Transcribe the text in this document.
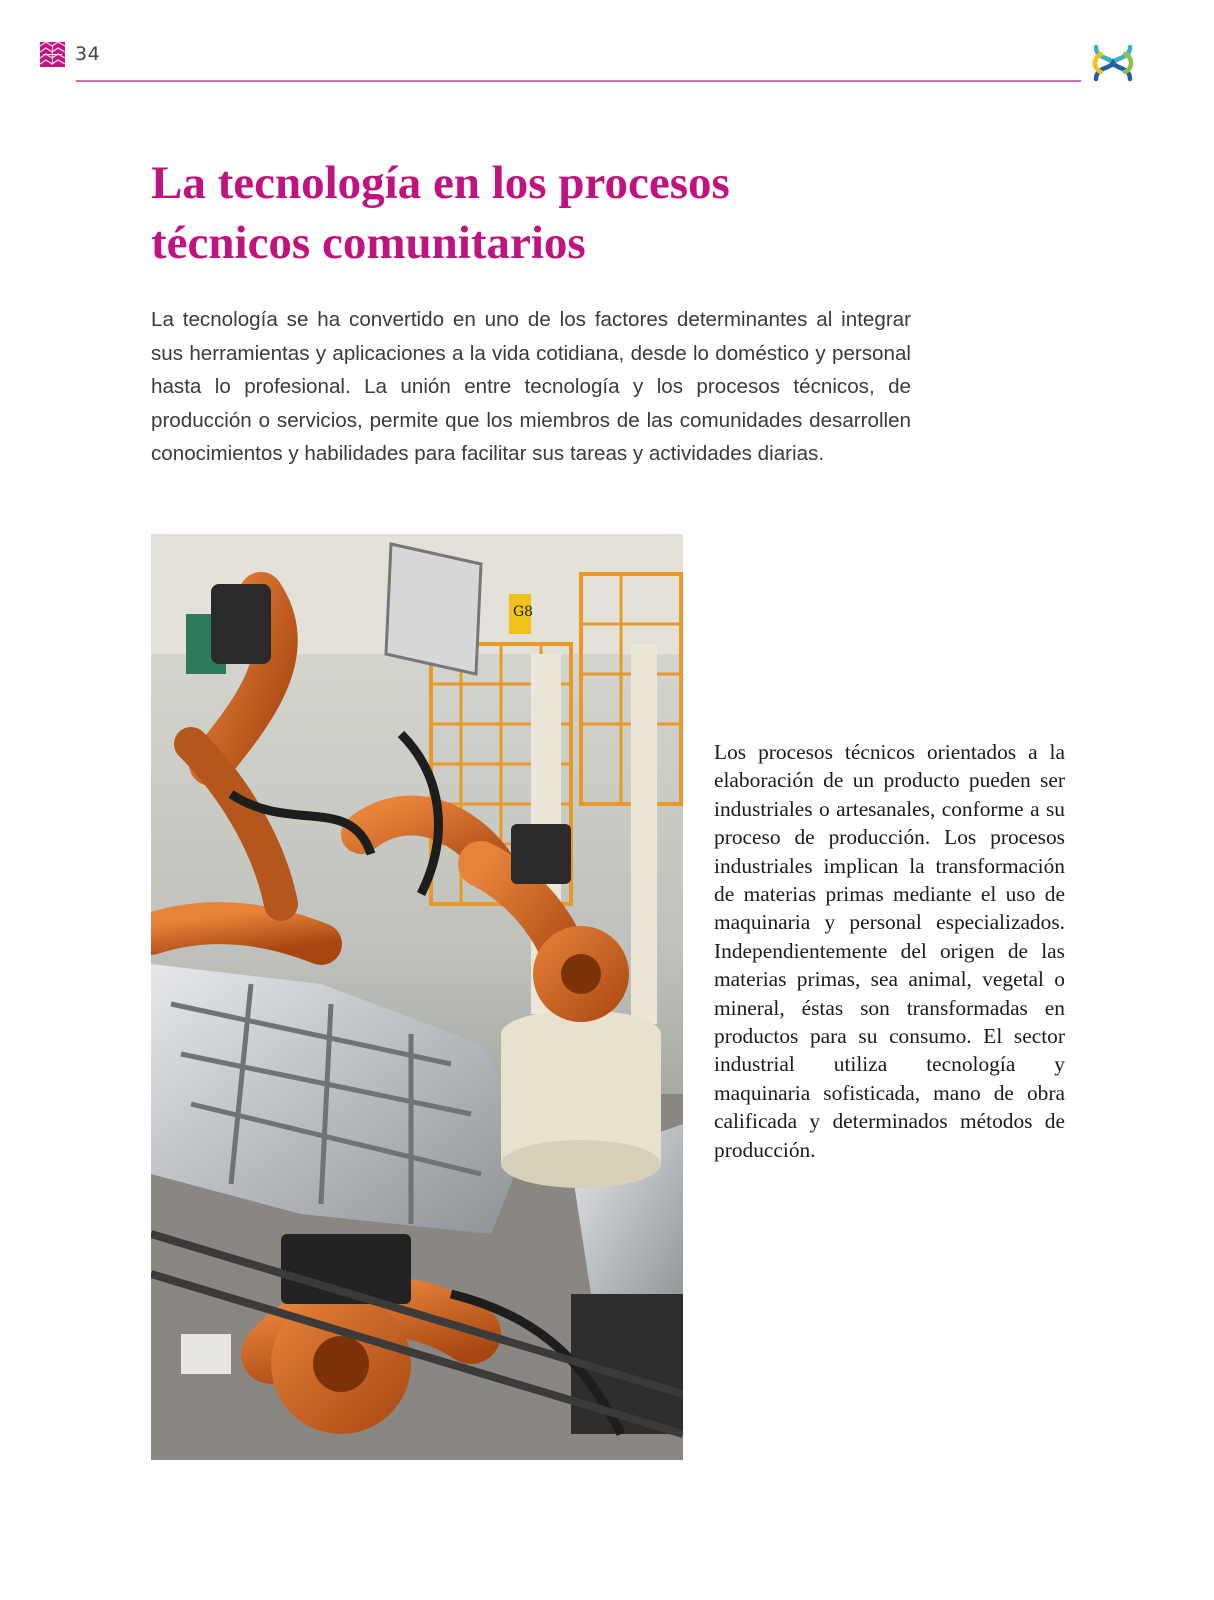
34
La tecnología en los procesos
técnicos comunitarios

La tecnología se ha convertido en uno de los factores determinantes al integrar sus herramientas y aplicaciones a la vida cotidiana, desde lo doméstico y personal hasta lo profesional. La unión entre tecnología y los procesos técnicos, de producción o servicios, permite que los miembros de las comunidades desarrollen conocimientos y habilidades para facilitar sus tareas y actividades diarias.

G8

Los procesos técnicos orientados a la elaboración de un producto pueden ser industriales o artesanales, conforme a su proceso de producción. Los procesos industriales implican la transformación de materias primas mediante el uso de maquinaria y personal especializados. Independientemente del origen de las materias primas, sea animal, vegetal o mineral, éstas son transformadas en productos para su consumo. El sector industrial utiliza tecnología y maquinaria sofisticada, mano de obra calificada y determinados métodos de producción.
